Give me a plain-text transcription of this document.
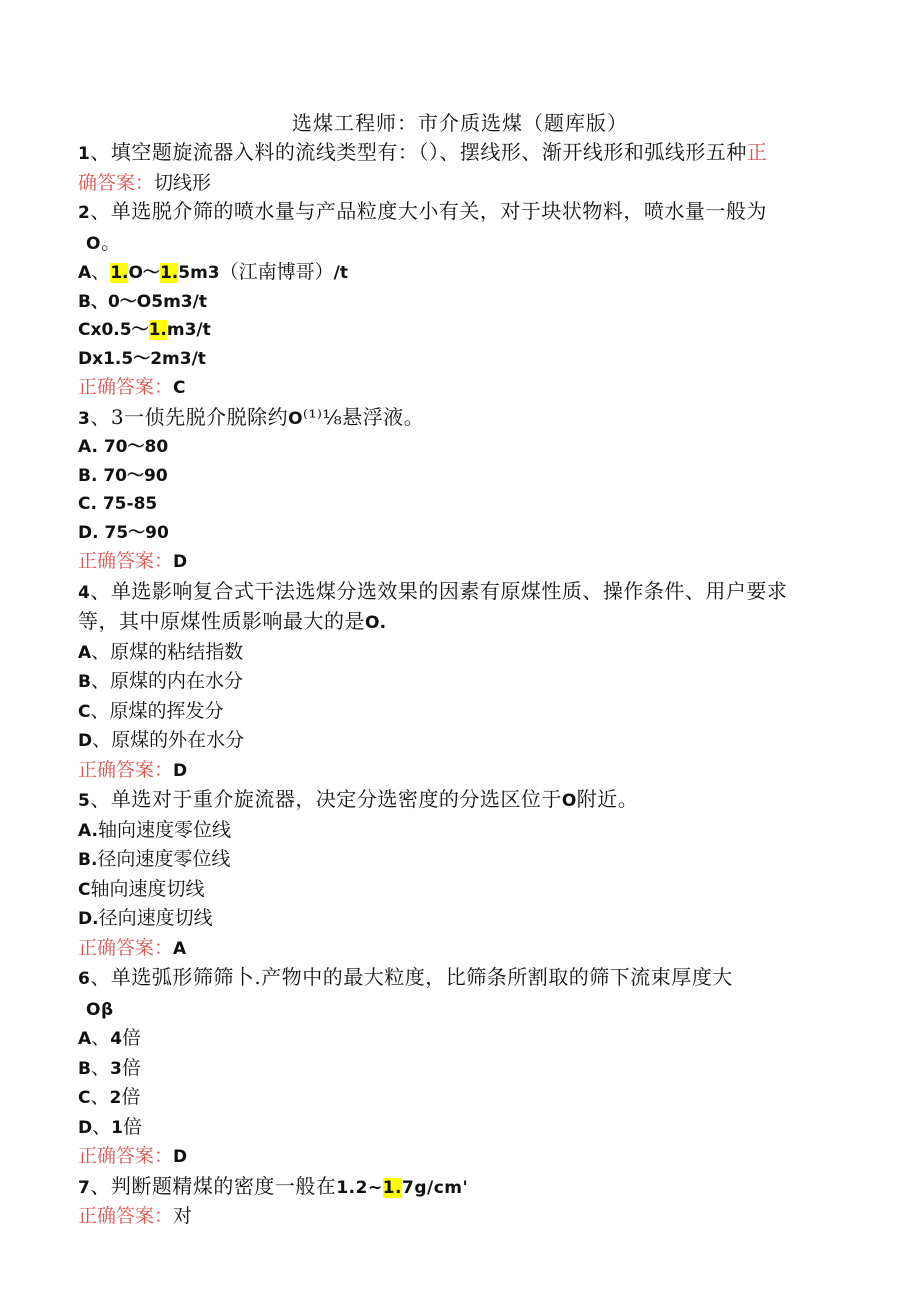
选煤工程师：市介质选煤（题库版）
1、填空题旋流器入料的流线类型有：（）、摆线形、渐开线形和弧线形五种正
确答案：切线形
2、单选脱介筛的喷水量与产品粒度大小有关，对于块状物料，喷水量一般为
O。
A、1.O〜1.5m3（江南博哥）/t
B、0〜O5m3/t
Cx0.5〜1.m3/t
Dx1.5〜2m3/t
正确答案：C
3、3一侦先脱介脱除约O⁽¹⁾⅛悬浮液。
A. 70〜80
B. 70〜90
C. 75-85
D. 75〜90
正确答案：D
4、单选影响复合式干法选煤分选效果的因素有原煤性质、操作条件、用户要求
等，其中原煤性质影响最大的是O.
A、原煤的粘结指数
B、原煤的内在水分
C、原煤的挥发分
D、原煤的外在水分
正确答案：D
5、单选对于重介旋流器，决定分选密度的分选区位于O附近。
A.轴向速度零位线
B.径向速度零位线
C轴向速度切线
D.径向速度切线
正确答案：A
6、单选弧形筛筛卜.产物中的最大粒度，比筛条所割取的筛下流束厚度大
Oβ
A、4倍
B、3倍
C、2倍
D、1倍
正确答案：D
7、判断题精煤的密度一般在1.2~1.7g/cm'
正确答案：对
